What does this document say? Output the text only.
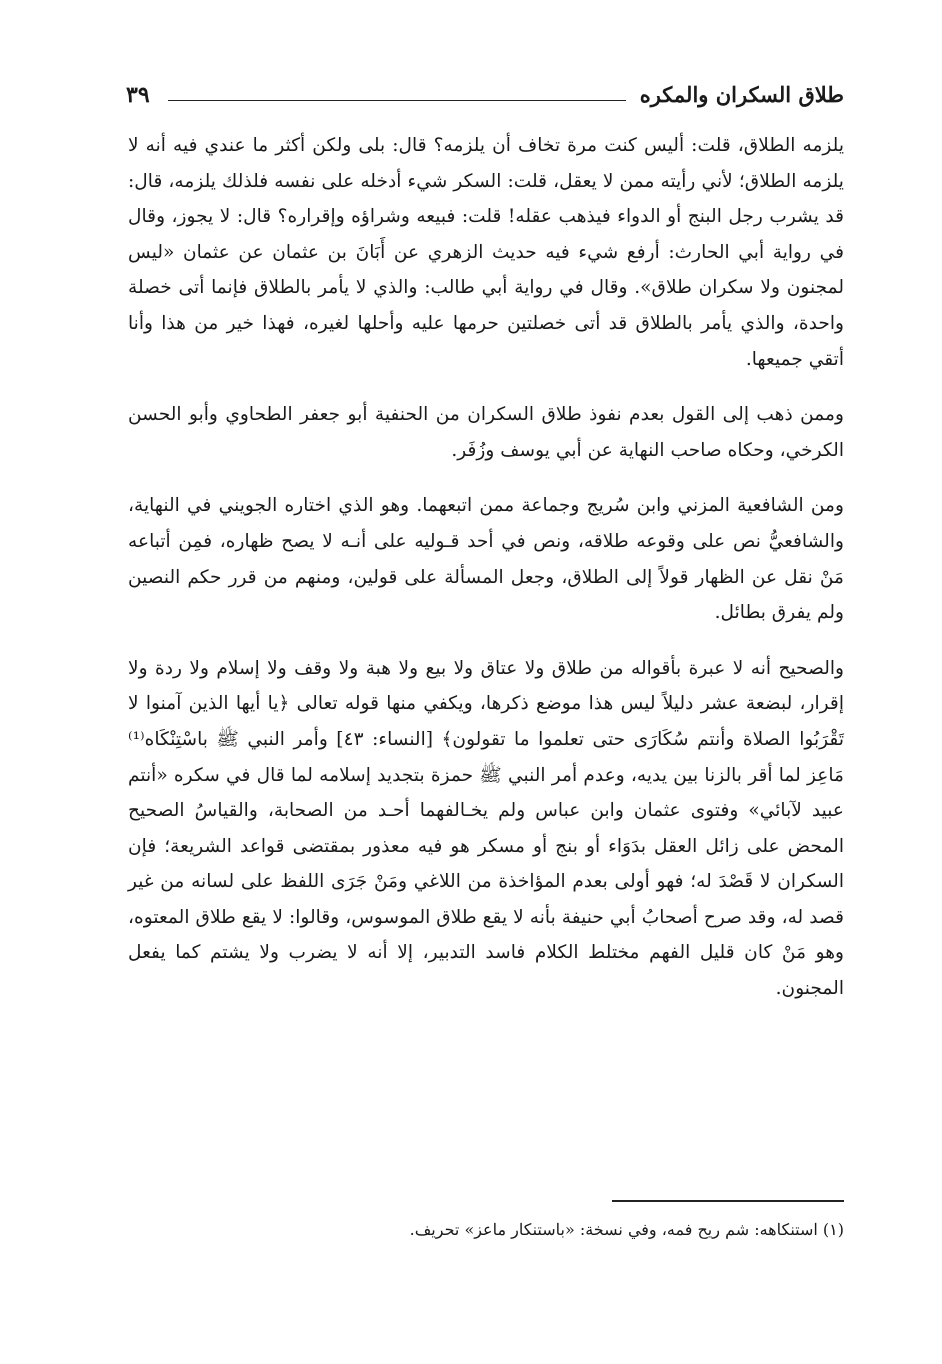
طلاق السكران والمكره
٣٩

يلزمه الطلاق، قلت: أليس كنت مرة تخاف أن يلزمه؟ قال: بلى ولكن أكثر ما عندي فيه أنه لا يلزمه الطلاق؛ لأني رأيته ممن لا يعقل، قلت: السكر شيء أدخله على نفسه فلذلك يلزمه، قال: قد يشرب رجل البنج أو الدواء فيذهب عقله! قلت: فبيعه وشراؤه وإقراره؟ قال: لا يجوز، وقال في رواية أبي الحارث: أرفع شيء فيه حديث الزهري عن أَبَانَ بن عثمان عن عثمان «ليس لمجنون ولا سكران طلاق». وقال في رواية أبي طالب: والذي لا يأمر بالطلاق فإنما أتى خصلة واحدة، والذي يأمر بالطلاق قد أتى خصلتين حرمها عليه وأحلها لغيره، فهذا خير من هذا وأنا أتقي جميعها.

وممن ذهب إلى القول بعدم نفوذ طلاق السكران من الحنفية أبو جعفر الطحاوي وأبو الحسن الكرخي، وحكاه صاحب النهاية عن أبي يوسف وزُفَر.

ومن الشافعية المزني وابن سُريج وجماعة ممن اتبعهما. وهو الذي اختاره الجويني في النهاية، والشافعيُّ نص على وقوعه طلاقه، ونص في أحد قـوليه على أنـه لا يصح ظهاره، فمِن أتباعه مَنْ نقل عن الظهار قولاً إلى الطلاق، وجعل المسألة على قولين، ومنهم من قرر حكم النصين ولم يفرق بطائل.

والصحيح أنه لا عبرة بأقواله من طلاق ولا عتاق ولا بيع ولا هبة ولا وقف ولا إسلام ولا ردة ولا إقرار، لبضعة عشر دليلاً ليس هذا موضع ذكرها، ويكفي منها قوله تعالى ﴿يا أيها الذين آمنوا لا تَقْرَبُوا الصلاة وأنتم سُكَارَى حتى تعلموا ما تقولون﴾ [النساء: ٤٣] وأمر النبي ﷺ باسْتِنْكَاه⁽¹⁾ مَاعِز لما أقر بالزنا بين يديه، وعدم أمر النبي ﷺ حمزة بتجديد إسلامه لما قال في سكره «أنتم عبيد لآبائي» وفتوى عثمان وابن عباس ولم يخـالفهما أحـد من الصحابة، والقياسُ الصحيح المحض على زائل العقل بدَوَاء أو بنج أو مسكر هو فيه معذور بمقتضى قواعد الشريعة؛ فإن السكران لا قَصْدَ له؛ فهو أولى بعدم المؤاخذة من اللاغي ومَنْ جَرَى اللفظ على لسانه من غير قصد له، وقد صرح أصحابُ أبي حنيفة بأنه لا يقع طلاق الموسوس، وقالوا: لا يقع طلاق المعتوه، وهو مَنْ كان قليل الفهم مختلط الكلام فاسد التدبير، إلا أنه لا يضرب ولا يشتم كما يفعل المجنون.

(١) استنكاهه: شم ريح فمه، وفي نسخة: «باستنكار ماعز» تحريف.
